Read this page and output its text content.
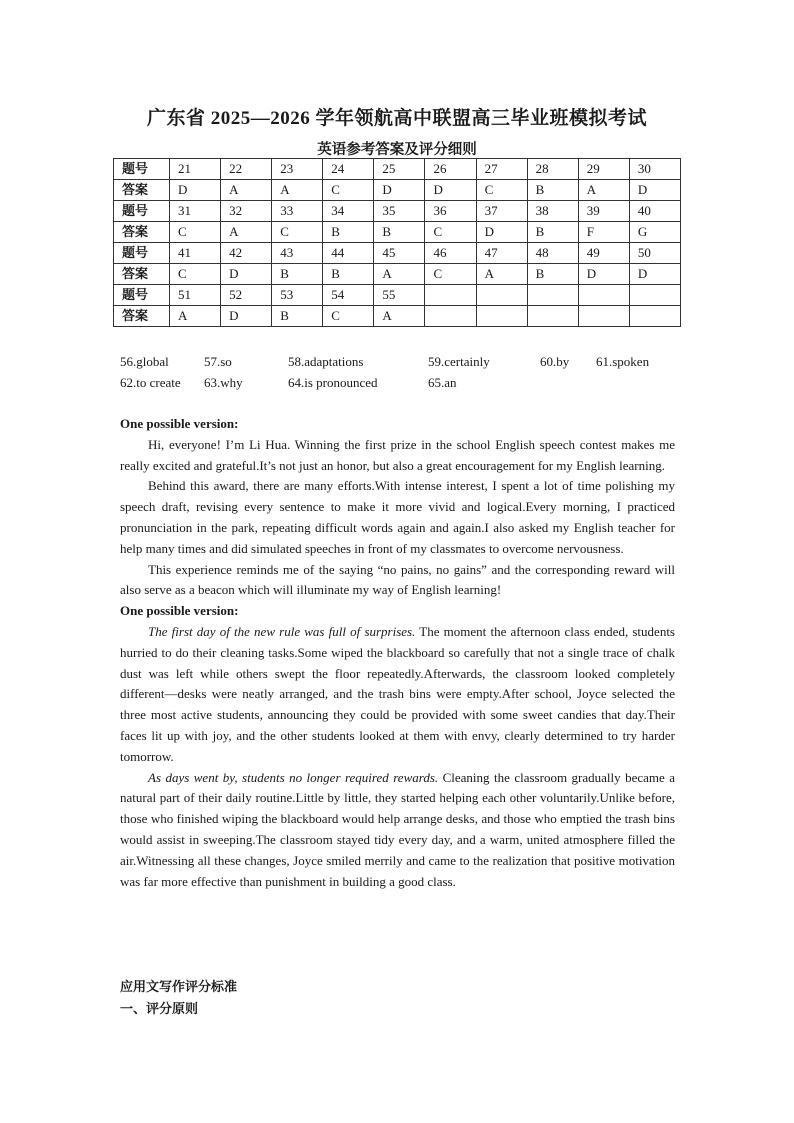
广东省 2025—2026 学年领航高中联盟高三毕业班模拟考试
英语参考答案及评分细则
题号	21	22	23	24	25	26	27	28	29	30
答案	D	A	A	C	D	D	C	B	A	D
题号	31	32	33	34	35	36	37	38	39	40
答案	C	A	C	B	B	C	D	B	F	G
题号	41	42	43	44	45	46	47	48	49	50
答案	C	D	B	B	A	C	A	B	D	D
题号	51	52	53	54	55					
答案	A	D	B	C	A					
56.global	57.so	58.adaptations	59.certainly	60.by 61.spoken
62.to create 63.why	64.is pronounced	65.an

One possible version:

Hi, everyone! I’m Li Hua. Winning the first prize in the school English speech contest makes me really excited and grateful.It’s not just an honor, but also a great encouragement for my English learning.

Behind this award, there are many efforts.With intense interest, I spent a lot of time polishing my speech draft, revising every sentence to make it more vivid and logical.Every morning, I practiced pronunciation in the park, repeating difficult words again and again.I also asked my English teacher for help many times and did simulated speeches in front of my classmates to overcome nervousness.

This experience reminds me of the saying “no pains, no gains” and the corresponding reward will also serve as a beacon which will illuminate my way of English learning!

One possible version:

The first day of the new rule was full of surprises. The moment the afternoon class ended, students hurried to do their cleaning tasks.Some wiped the blackboard so carefully that not a single trace of chalk dust was left while others swept the floor repeatedly.Afterwards, the classroom looked completely different—desks were neatly arranged, and the trash bins were empty.After school, Joyce selected the three most active students, announcing they could be provided with some sweet candies that day.Their faces lit up with joy, and the other students looked at them with envy, clearly determined to try harder tomorrow.

As days went by, students no longer required rewards. Cleaning the classroom gradually became a natural part of their daily routine.Little by little, they started helping each other voluntarily.Unlike before, those who finished wiping the blackboard would help arrange desks, and those who emptied the trash bins would assist in sweeping.The classroom stayed tidy every day, and a warm, united atmosphere filled the air.Witnessing all these changes, Joyce smiled merrily and came to the realization that positive motivation was far more effective than punishment in building a good class.

应用文写作评分标准
一、评分原则
